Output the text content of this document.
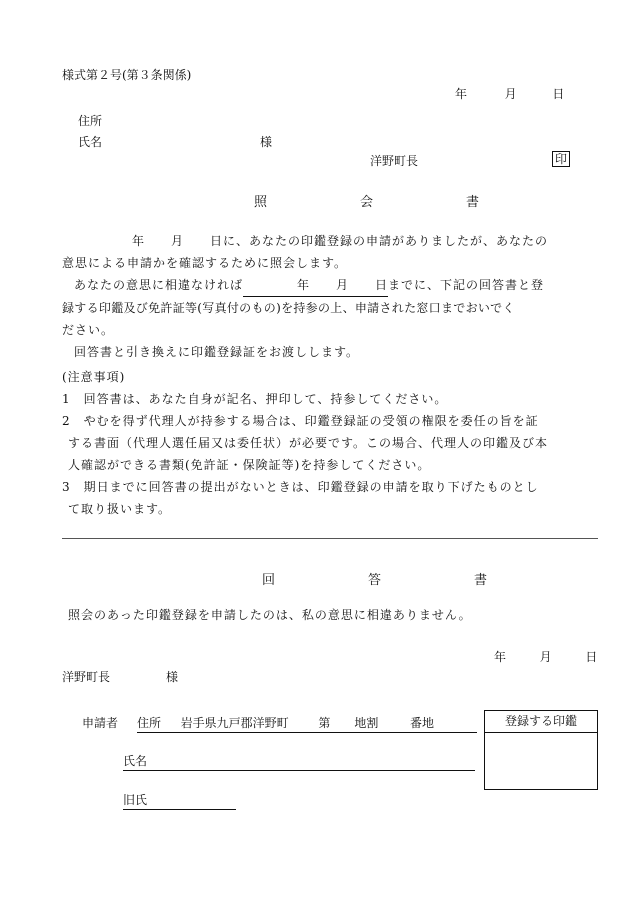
様式第２号(第３条関係)
年	月	日
住所
氏名	様
洋野町長	印
照　会　書

年　　月　　日に、あなたの印鑑登録の申請がありましたが、あなたの

意思による申請かを確認するために照会します。

あなたの意思に相違なければ	年　　月　　日までに、下記の回答書と登

録する印鑑及び免許証等(写真付のもの)を持参の上、申請された窓口までおいでく

ださい。

回答書と引き換えに印鑑登録証をお渡しします。

(注意事項)

1　回答書は、あなた自身が記名、押印して、持参してください。

2　やむを得ず代理人が持参する場合は、印鑑登録証の受領の権限を委任の旨を証

する書面（代理人選任届又は委任状）が必要です。この場合、代理人の印鑑及び本

人確認ができる書類(免許証・保険証等)を持参してください。

3　期日までに回答書の提出がないときは、印鑑登録の申請を取り下げたものとし

て取り扱います。

回　答　書
照会のあった印鑑登録を申請したのは、私の意思に相違ありません。
年	月	日
洋野町長	様
申請者 住所 岩手県九戸郡洋野町 第　　地割	番地
氏名
旧氏
登録する印鑑
